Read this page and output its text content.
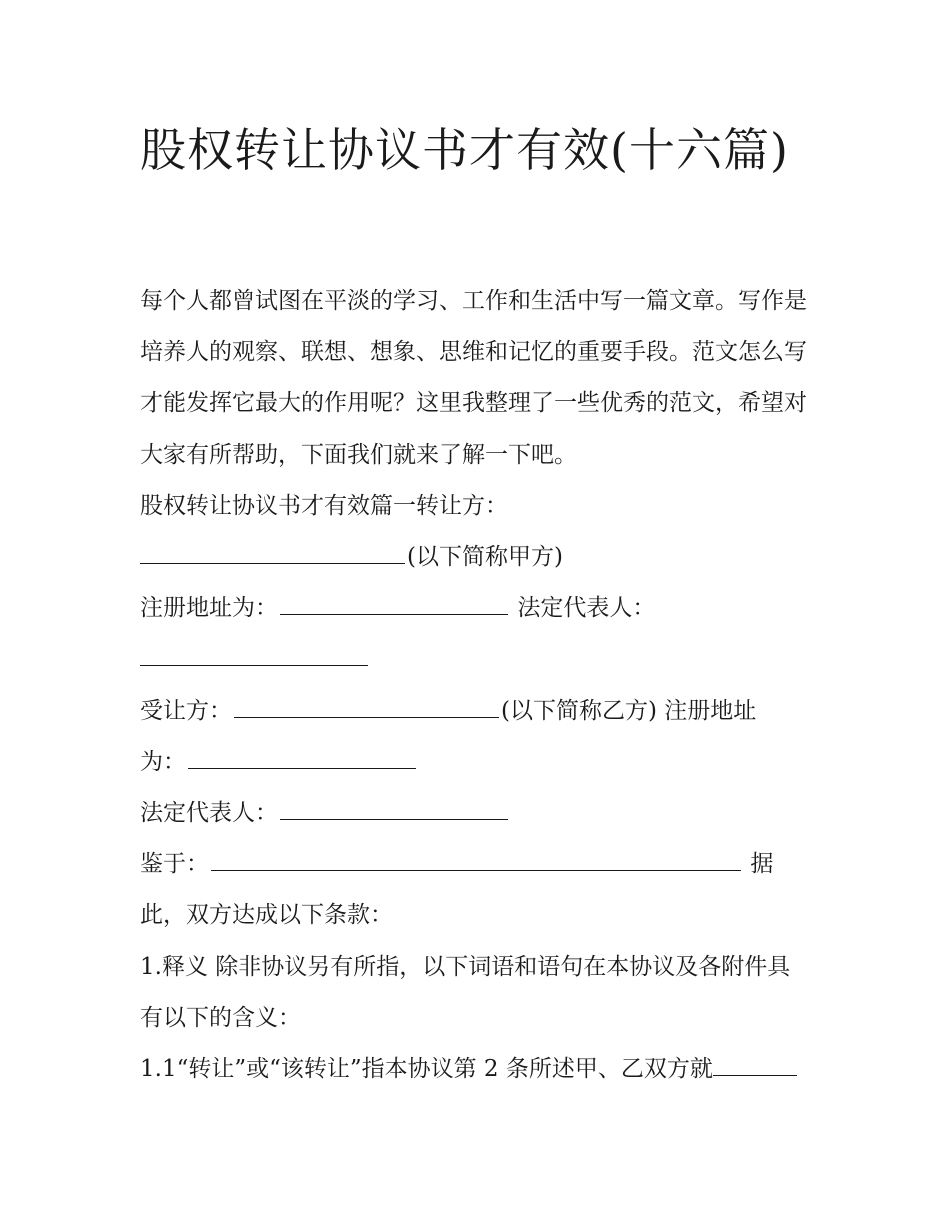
股权转让协议书才有效(十六篇)

每个人都曾试图在平淡的学习、工作和生活中写一篇文章。写作是培养人的观察、联想、想象、思维和记忆的重要手段。范文怎么写才能发挥它最大的作用呢？这里我整理了一些优秀的范文，希望对大家有所帮助，下面我们就来了解一下吧。

股权转让协议书才有效篇一转让方：

(以下简称甲方)

注册地址为：	法定代表人：

受让方：	(以下简称乙方) 注册地址

为：

法定代表人：

鉴于：	据

此，双方达成以下条款：

1.释义 除非协议另有所指，以下词语和语句在本协议及各附件具有以下的含义：

1.1“转让”或“该转让”指本协议第 2 条所述甲、乙双方就
